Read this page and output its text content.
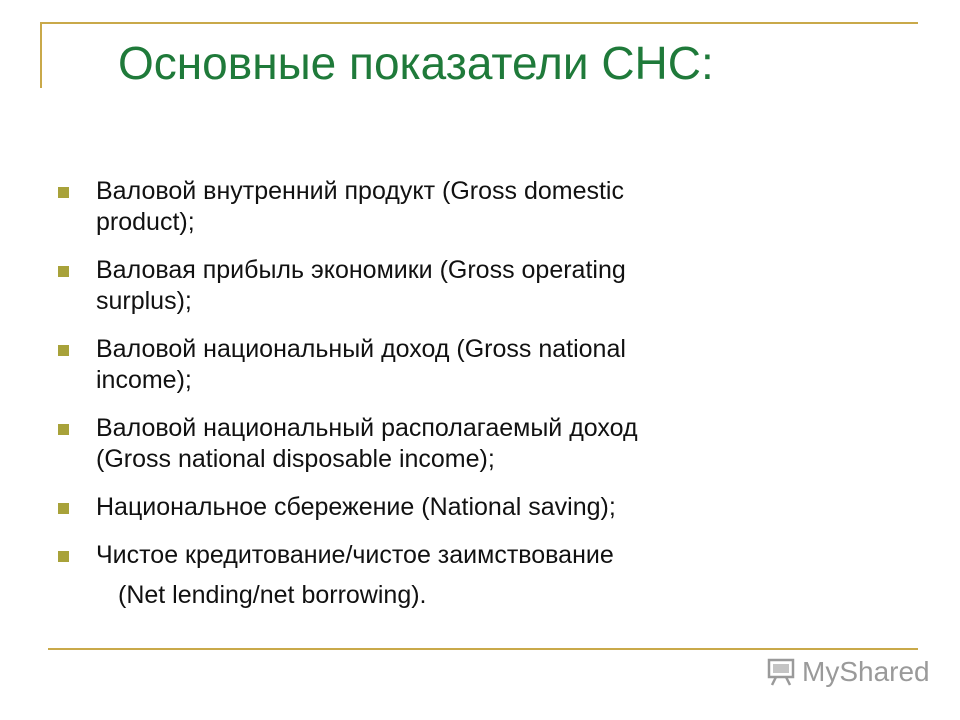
Основные показатели СНС:
Валовой внутренний продукт (Gross domestic
product);
Валовая прибыль экономики (Gross operating
surplus);
Валовой национальный доход (Gross national
income);
Валовой национальный располагаемый доход
(Gross national disposable income);
Национальное сбережение (National saving);
Чистое кредитование/чистое заимствование
(Net lending/net borrowing).
MyShared
